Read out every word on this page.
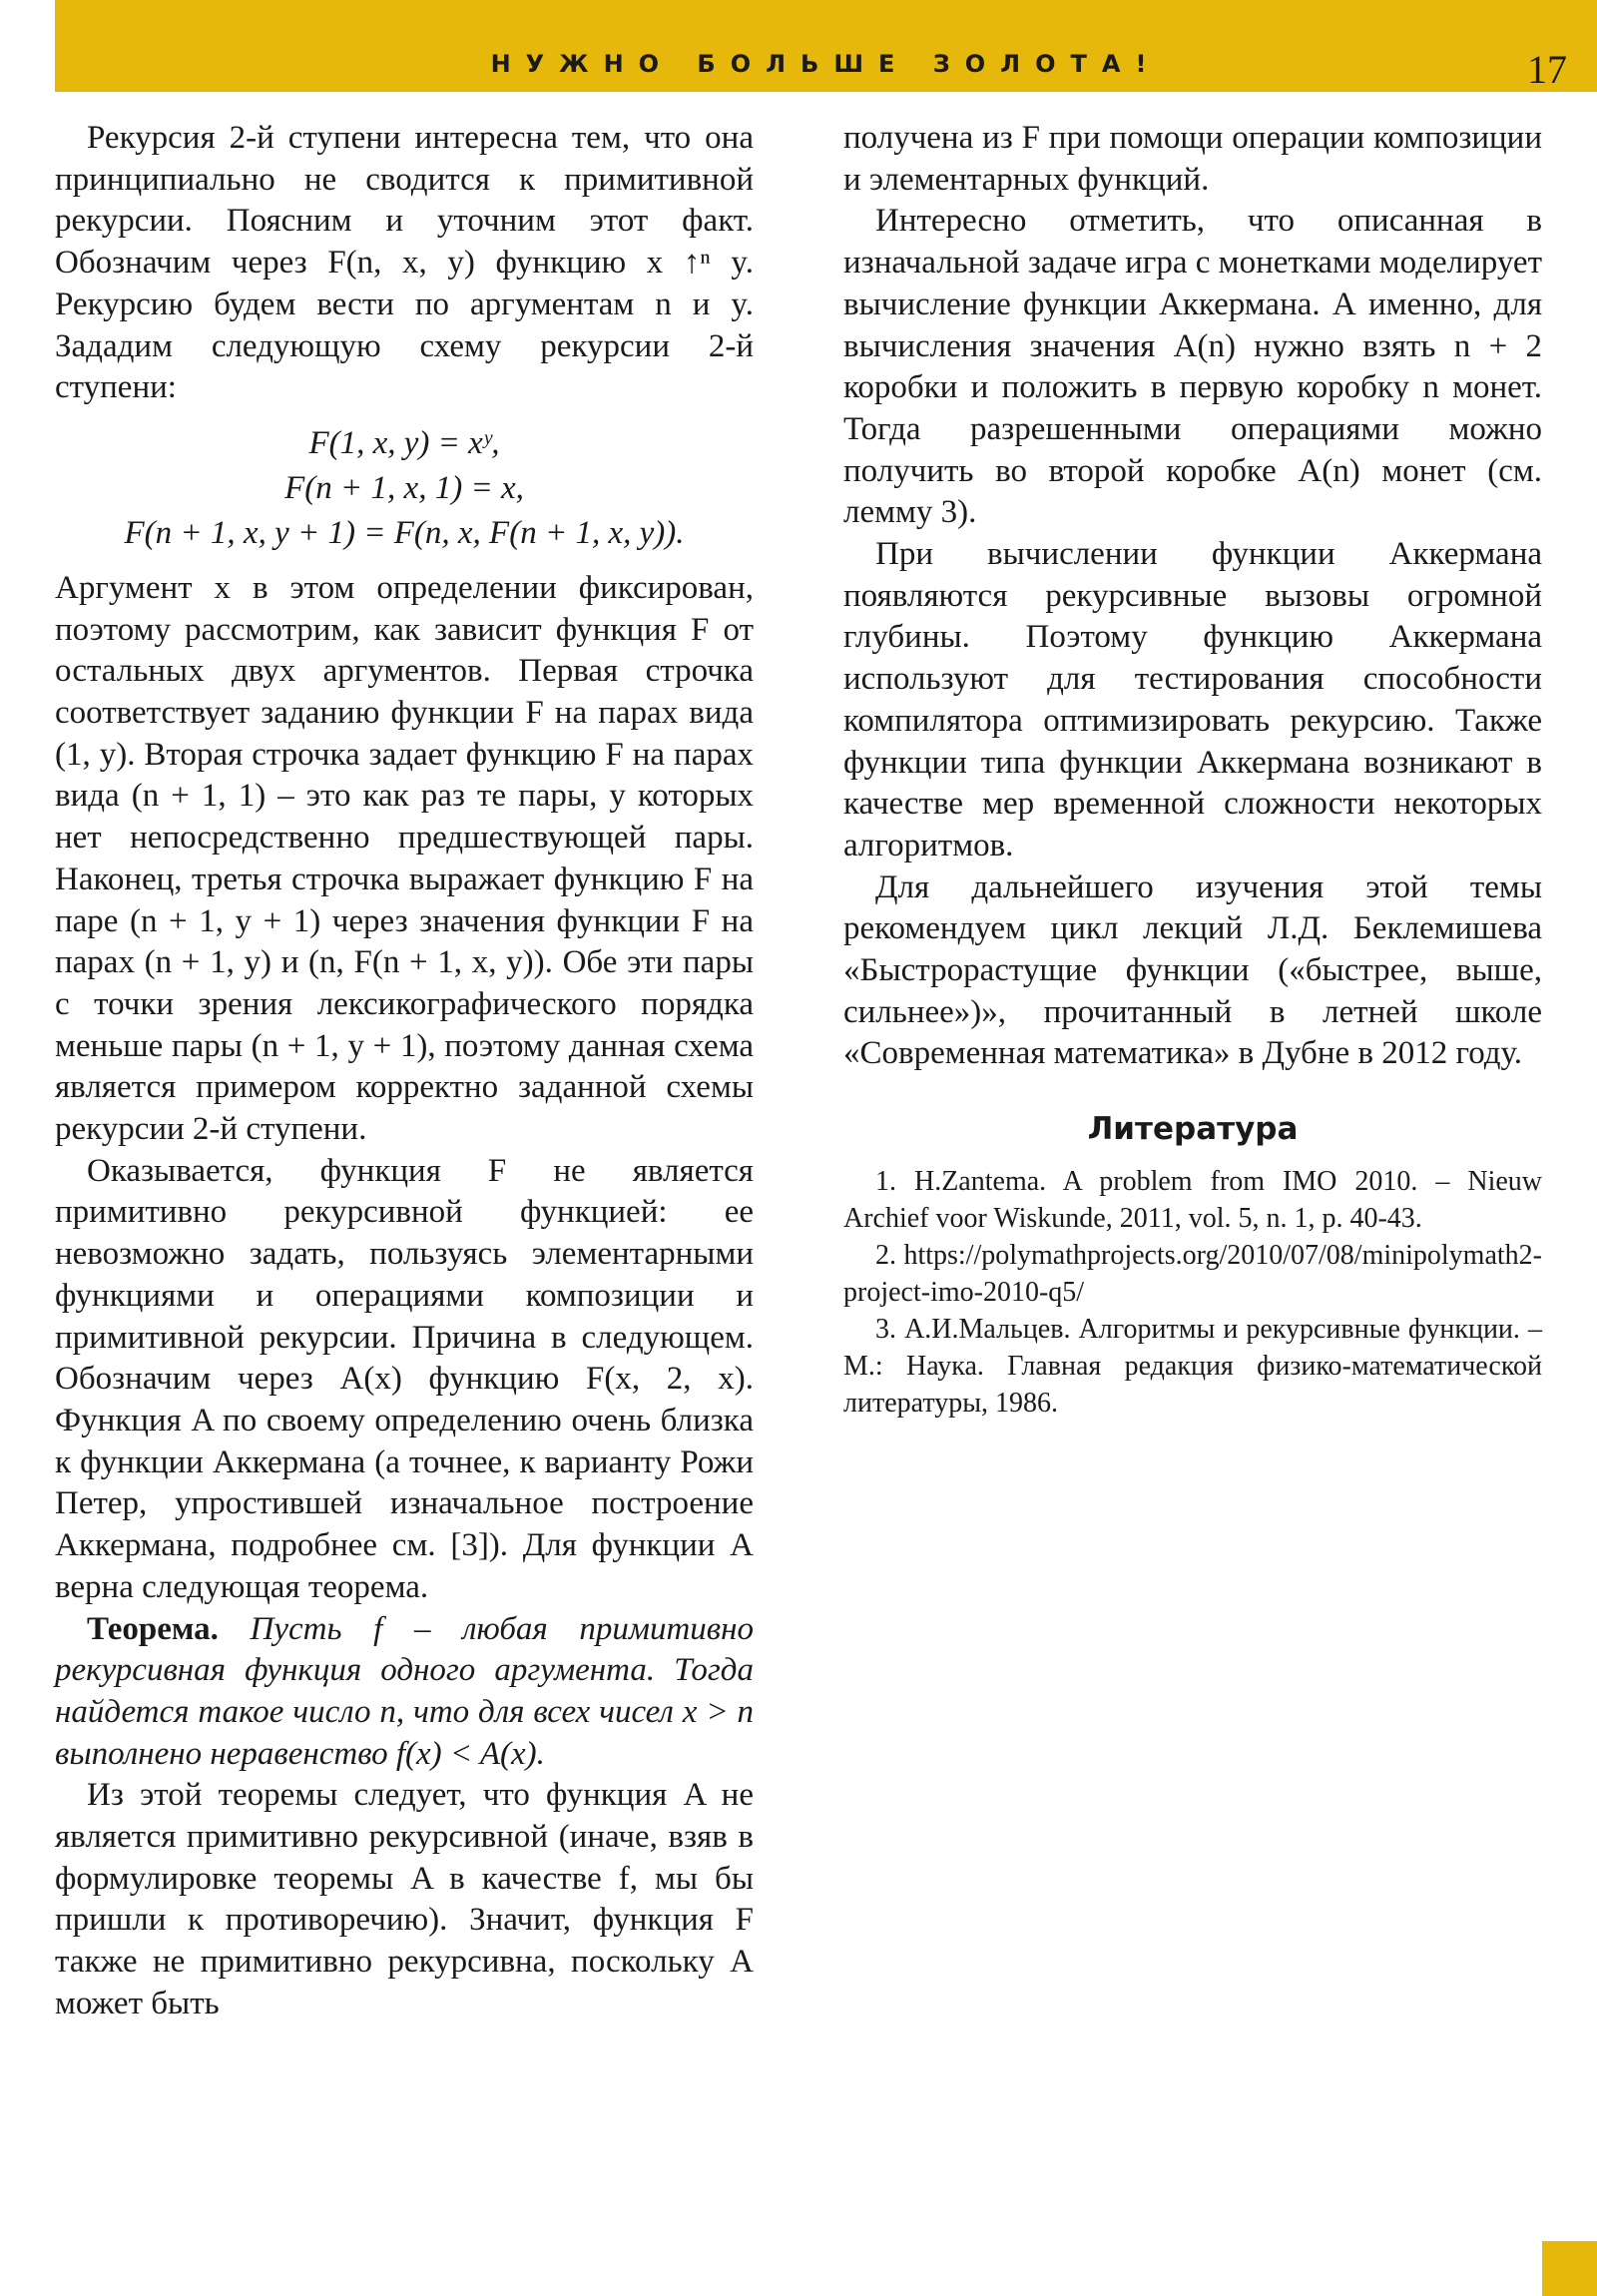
НУЖНО БОЛЬШЕ ЗОЛОТА!	17

Рекурсия 2-й ступени интересна тем, что она принципиально не сводится к примитивной рекурсии. Поясним и уточним этот факт. Обозначим через F(n, x, y) функцию x ↑ⁿ y. Рекурсию будем вести по аргументам n и y. Зададим следующую схему рекурсии 2-й ступени:

F(1, x, y) = xʸ,
F(n + 1, x, 1) = x,
F(n + 1, x, y + 1) = F(n, x, F(n + 1, x, y)).

Аргумент x в этом определении фиксирован, поэтому рассмотрим, как зависит функция F от остальных двух аргументов. Первая строчка соответствует заданию функции F на парах вида (1, y). Вторая строчка задает функцию F на парах вида (n + 1, 1) – это как раз те пары, у которых нет непосредственно предшествующей пары. Наконец, третья строчка выражает функцию F на паре (n + 1, y + 1) через значения функции F на парах (n + 1, y) и (n, F(n + 1, x, y)). Обе эти пары с точки зрения лексикографического порядка меньше пары (n + 1, y + 1), поэтому данная схема является примером корректно заданной схемы рекурсии 2-й ступени.

Оказывается, функция F не является примитивно рекурсивной функцией: ее невозможно задать, пользуясь элементарными функциями и операциями композиции и примитивной рекурсии. Причина в следующем. Обозначим через A(x) функцию F(x, 2, x). Функция A по своему определению очень близка к функции Аккермана (а точнее, к варианту Рожи Петер, упростившей изначальное построение Аккермана, подробнее см. [3]). Для функции A верна следующая теорема.

Теорема. Пусть f – любая примитивно рекурсивная функция одного аргумента. Тогда найдется такое число n, что для всех чисел x > n выполнено неравенство f(x) < A(x).

Из этой теоремы следует, что функция A не является примитивно рекурсивной (иначе, взяв в формулировке теоремы A в качестве f, мы бы пришли к противоречию). Значит, функция F также не примитивно рекурсивна, поскольку A может быть

получена из F при помощи операции композиции и элементарных функций.

Интересно отметить, что описанная в изначальной задаче игра с монетками моделирует вычисление функции Аккермана. А именно, для вычисления значения A(n) нужно взять n + 2 коробки и положить в первую коробку n монет. Тогда разрешенными операциями можно получить во второй коробке A(n) монет (см. лемму 3).

При вычислении функции Аккермана появляются рекурсивные вызовы огромной глубины. Поэтому функцию Аккермана используют для тестирования способности компилятора оптимизировать рекурсию. Также функции типа функции Аккермана возникают в качестве мер временной сложности некоторых алгоритмов.

Для дальнейшего изучения этой темы рекомендуем цикл лекций Л.Д. Беклемишева «Быстрорастущие функции («быстрее, выше, сильнее»)», прочитанный в летней школе «Современная математика» в Дубне в 2012 году.

Литература

1. H.Zantema. A problem from IMO 2010. – Nieuw Archief voor Wiskunde, 2011, vol. 5, n. 1, p. 40-43.

2. https://polymathprojects.org/2010/07/08/minipolymath2-project-imo-2010-q5/

3. А.И.Мальцев. Алгоритмы и рекурсивные функции. – М.: Наука. Главная редакция физико-математической литературы, 1986.
